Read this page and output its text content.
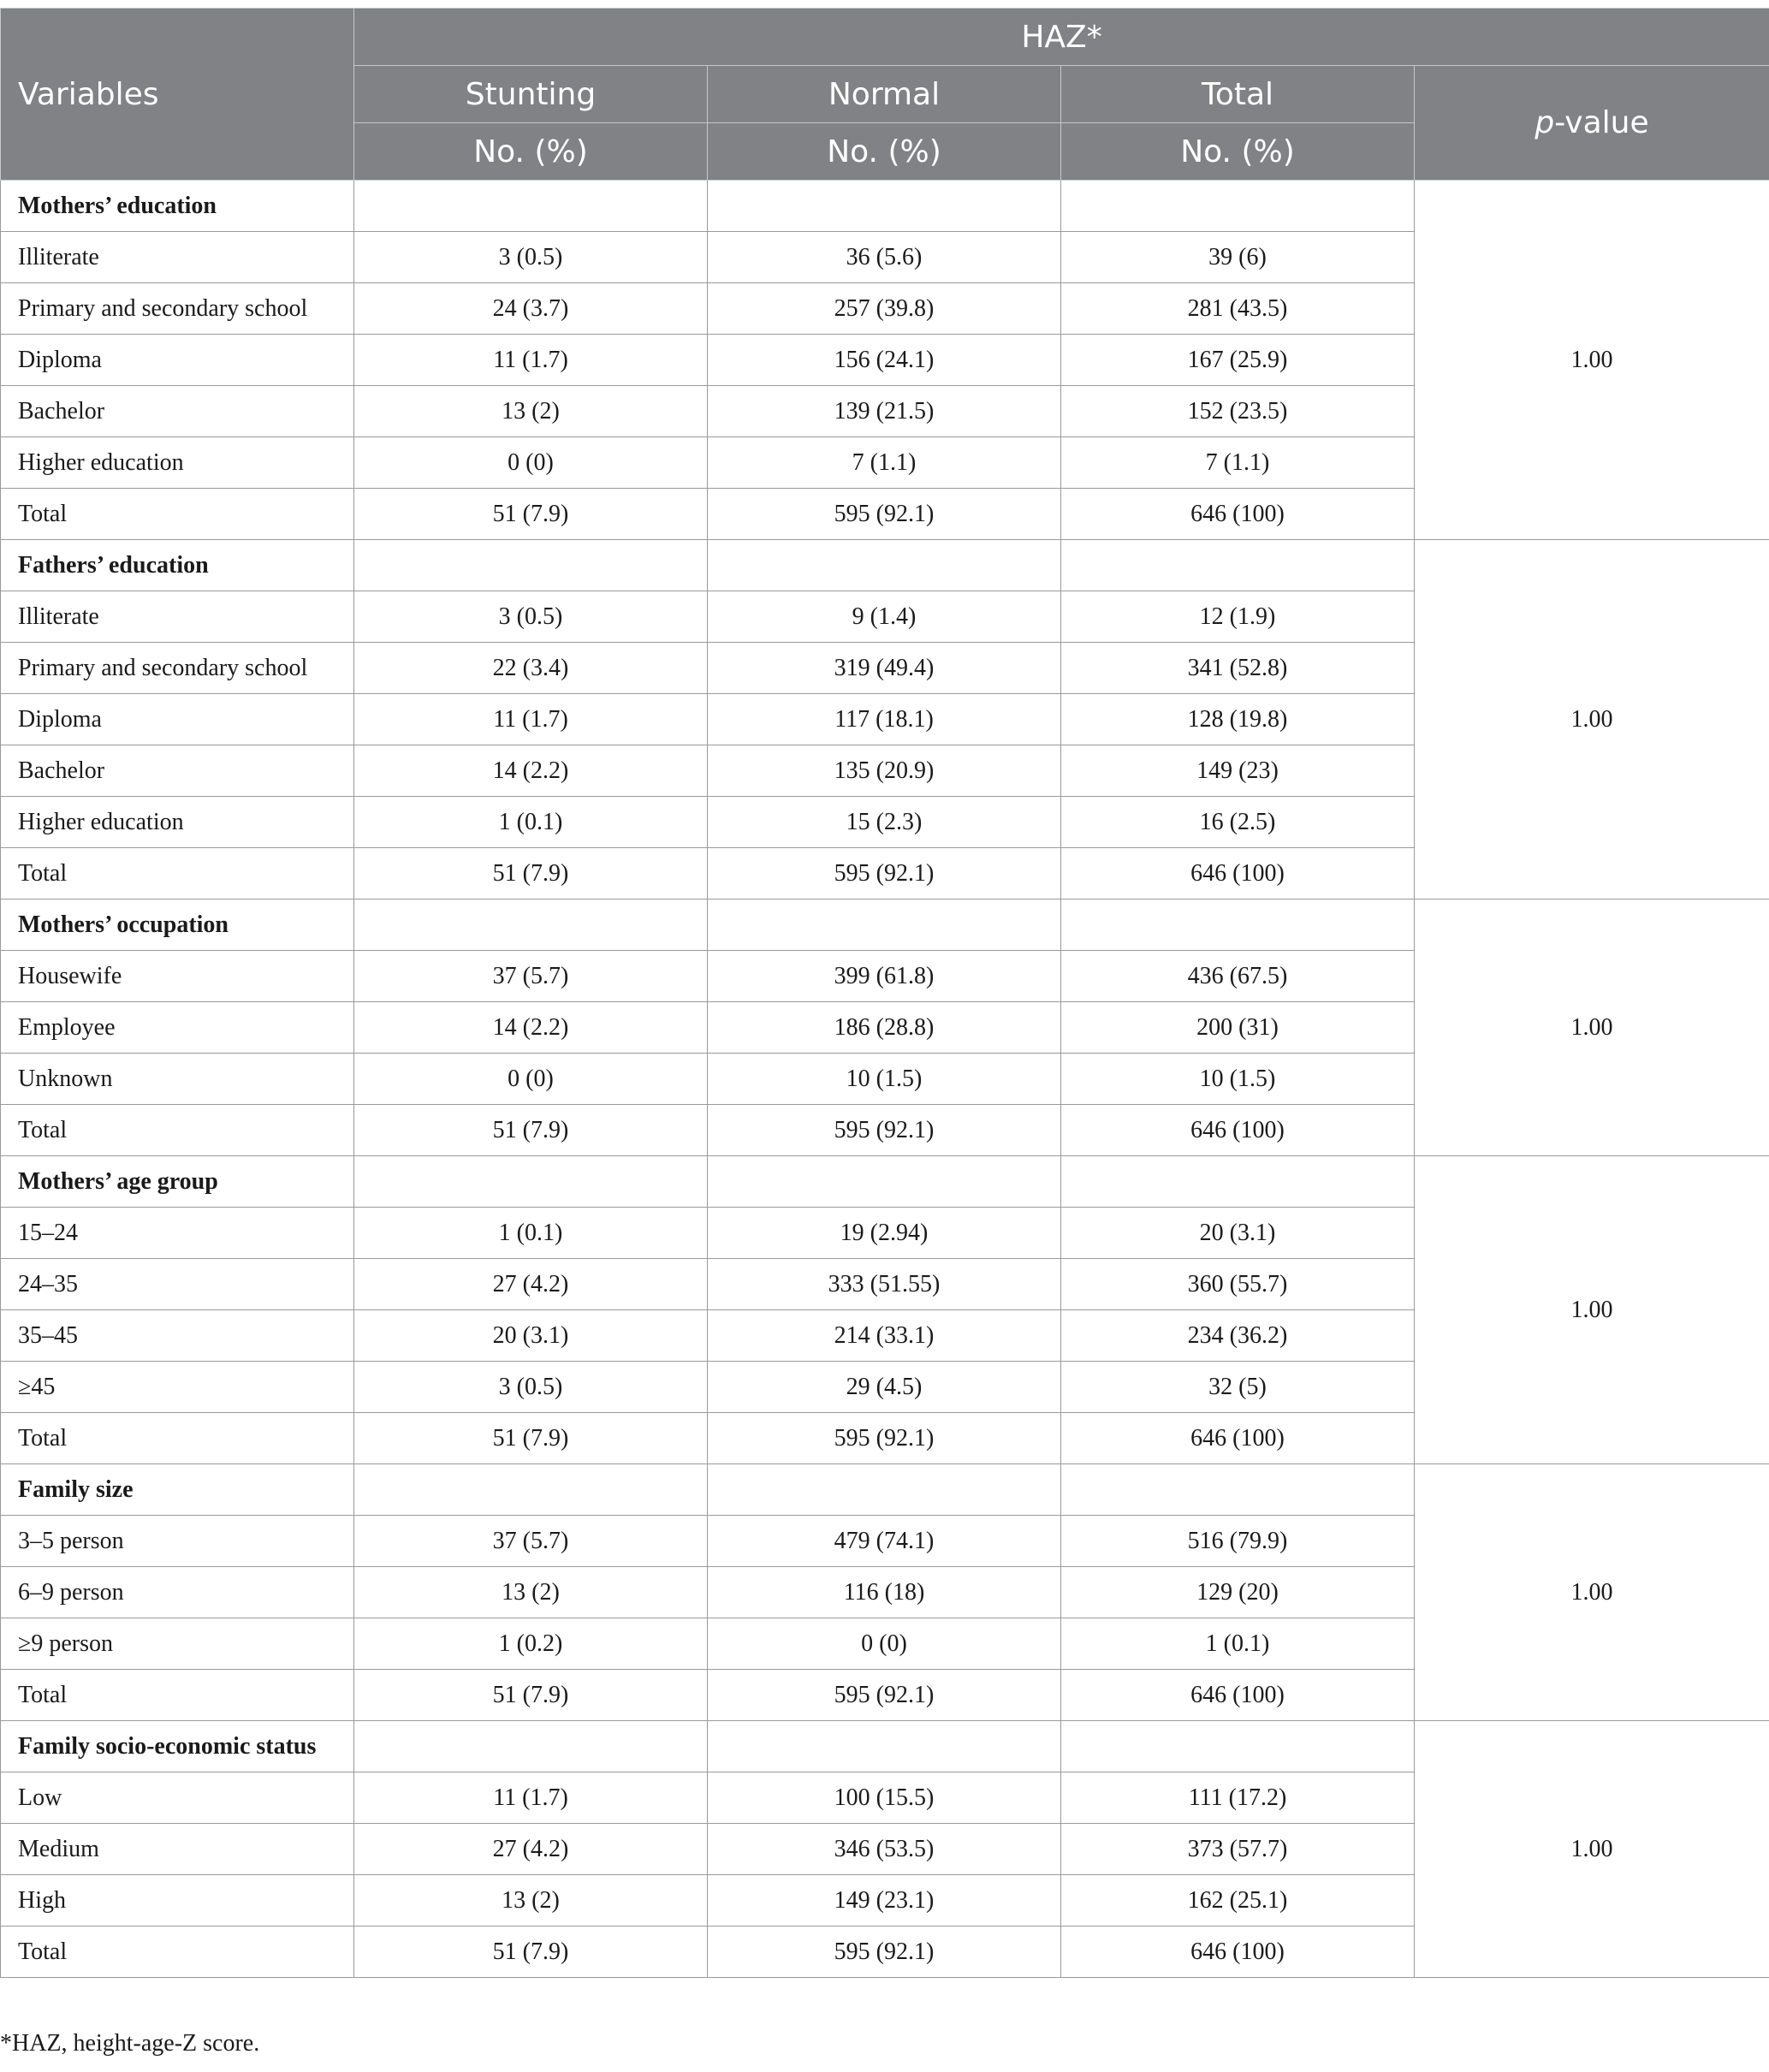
Variables	HAZ*			
	Stunting	Normal	Total	p-value
	No. (%)	No. (%)	No. (%)	
Mothers’ education				1.00
Illiterate	3 (0.5)	36 (5.6)	39 (6)	
Primary and secondary school	24 (3.7)	257 (39.8)	281 (43.5)	
Diploma	11 (1.7)	156 (24.1)	167 (25.9)	
Bachelor	13 (2)	139 (21.5)	152 (23.5)	
Higher education	0 (0)	7 (1.1)	7 (1.1)	
Total	51 (7.9)	595 (92.1)	646 (100)	
Fathers’ education				1.00
Illiterate	3 (0.5)	9 (1.4)	12 (1.9)	
Primary and secondary school	22 (3.4)	319 (49.4)	341 (52.8)	
Diploma	11 (1.7)	117 (18.1)	128 (19.8)	
Bachelor	14 (2.2)	135 (20.9)	149 (23)	
Higher education	1 (0.1)	15 (2.3)	16 (2.5)	
Total	51 (7.9)	595 (92.1)	646 (100)	
Mothers’ occupation				1.00
Housewife	37 (5.7)	399 (61.8)	436 (67.5)	
Employee	14 (2.2)	186 (28.8)	200 (31)	
Unknown	0 (0)	10 (1.5)	10 (1.5)	
Total	51 (7.9)	595 (92.1)	646 (100)	
Mothers’ age group				1.00
15–24	1 (0.1)	19 (2.94)	20 (3.1)	
24–35	27 (4.2)	333 (51.55)	360 (55.7)	
35–45	20 (3.1)	214 (33.1)	234 (36.2)	
≥45	3 (0.5)	29 (4.5)	32 (5)	
Total	51 (7.9)	595 (92.1)	646 (100)	
Family size				1.00
3–5 person	37 (5.7)	479 (74.1)	516 (79.9)	
6–9 person	13 (2)	116 (18)	129 (20)	
≥9 person	1 (0.2)	0 (0)	1 (0.1)	
Total	51 (7.9)	595 (92.1)	646 (100)	
Family socio-economic status				1.00
Low	11 (1.7)	100 (15.5)	111 (17.2)	
Medium	27 (4.2)	346 (53.5)	373 (57.7)	
High	13 (2)	149 (23.1)	162 (25.1)	
Total	51 (7.9)	595 (92.1)	646 (100)	
*HAZ, height-age-Z score.
